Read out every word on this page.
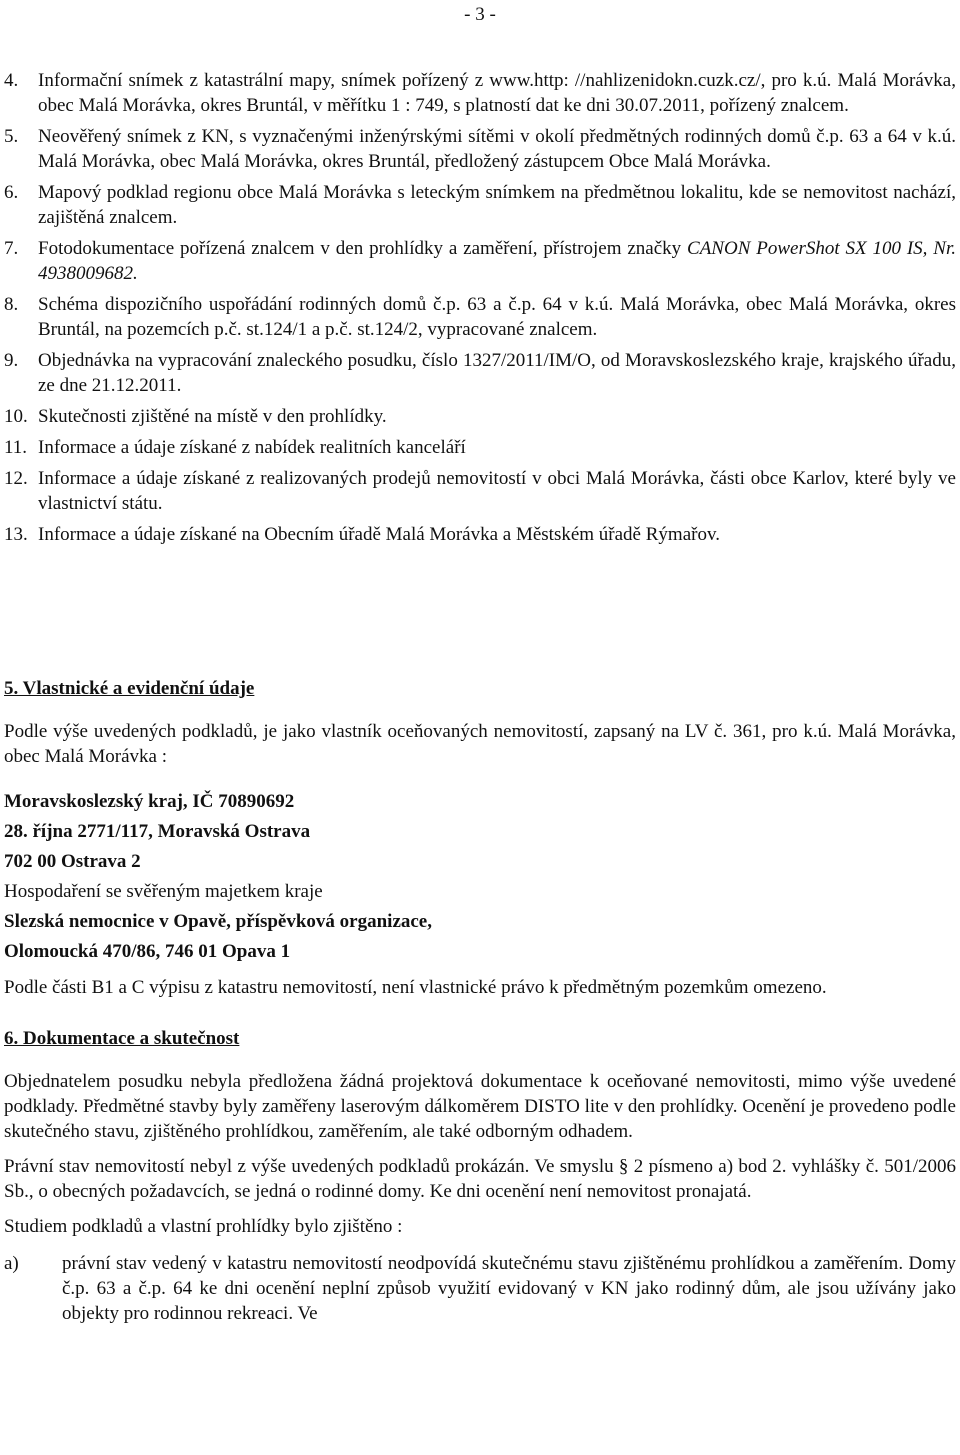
- 3 -
4. Informační snímek z katastrální mapy, snímek pořízený z www.http: //nahlizenidokn.cuzk.cz/, pro k.ú. Malá Morávka, obec Malá Morávka, okres Bruntál, v měřítku 1 : 749, s platností dat ke dni 30.07.2011, pořízený znalcem.
5. Neověřený snímek z KN, s vyznačenými inženýrskými sítěmi v okolí předmětných rodinných domů č.p. 63 a 64 v k.ú. Malá Morávka, obec Malá Morávka, okres Bruntál, předložený zástupcem Obce Malá Morávka.
6. Mapový podklad regionu obce Malá Morávka s leteckým snímkem na předmětnou lokalitu, kde se nemovitost nachází, zajištěná znalcem.
7. Fotodokumentace pořízená znalcem v den prohlídky a zaměření, přístrojem značky CANON PowerShot SX 100 IS, Nr. 4938009682.
8. Schéma dispozičního uspořádání rodinných domů č.p. 63 a č.p. 64 v k.ú. Malá Morávka, obec Malá Morávka, okres Bruntál, na pozemcích p.č. st.124/1 a p.č. st.124/2, vypracované znalcem.
9. Objednávka na vypracování znaleckého posudku, číslo 1327/2011/IM/O, od Moravskoslezského kraje, krajského úřadu, ze dne 21.12.2011.
10. Skutečnosti zjištěné na místě v den prohlídky.
11. Informace a údaje získané z nabídek realitních kanceláří
12. Informace a údaje získané z realizovaných prodejů nemovitostí v obci Malá Morávka, části obce Karlov, které byly ve vlastnictví státu.
13. Informace a údaje získané na Obecním úřadě Malá Morávka a Městském úřadě Rýmařov.
5. Vlastnické a evidenční údaje

Podle výše uvedených podkladů, je jako vlastník oceňovaných nemovitostí, zapsaný na LV č. 361, pro k.ú. Malá Morávka, obec Malá Morávka :

Moravskoslezský kraj, IČ 70890692

28. října 2771/117, Moravská Ostrava

702 00 Ostrava 2

Hospodaření se svěřeným majetkem kraje

Slezská nemocnice v Opavě, příspěvková organizace,

Olomoucká 470/86, 746 01 Opava 1

Podle části B1 a C výpisu z katastru nemovitostí, není vlastnické právo k předmětným pozemkům omezeno.

6. Dokumentace a skutečnost

Objednatelem posudku nebyla předložena žádná projektová dokumentace k oceňované nemovitosti, mimo výše uvedené podklady. Předmětné stavby byly zaměřeny laserovým dálkoměrem DISTO lite v den prohlídky. Ocenění je provedeno podle skutečného stavu, zjištěného prohlídkou, zaměřením, ale také odborným odhadem.

Právní stav nemovitostí nebyl z výše uvedených podkladů prokázán. Ve smyslu § 2 písmeno a) bod 2. vyhlášky č. 501/2006 Sb., o obecných požadavcích, se jedná o rodinné domy. Ke dni ocenění není nemovitost pronajatá.

Studiem podkladů a vlastní prohlídky bylo zjištěno :

a) právní stav vedený v katastru nemovitostí neodpovídá skutečnému stavu zjištěnému prohlídkou a zaměřením. Domy č.p. 63 a č.p. 64 ke dni ocenění neplní způsob využití evidovaný v KN jako rodinný dům, ale jsou užívány jako objekty pro rodinnou rekreaci. Ve
